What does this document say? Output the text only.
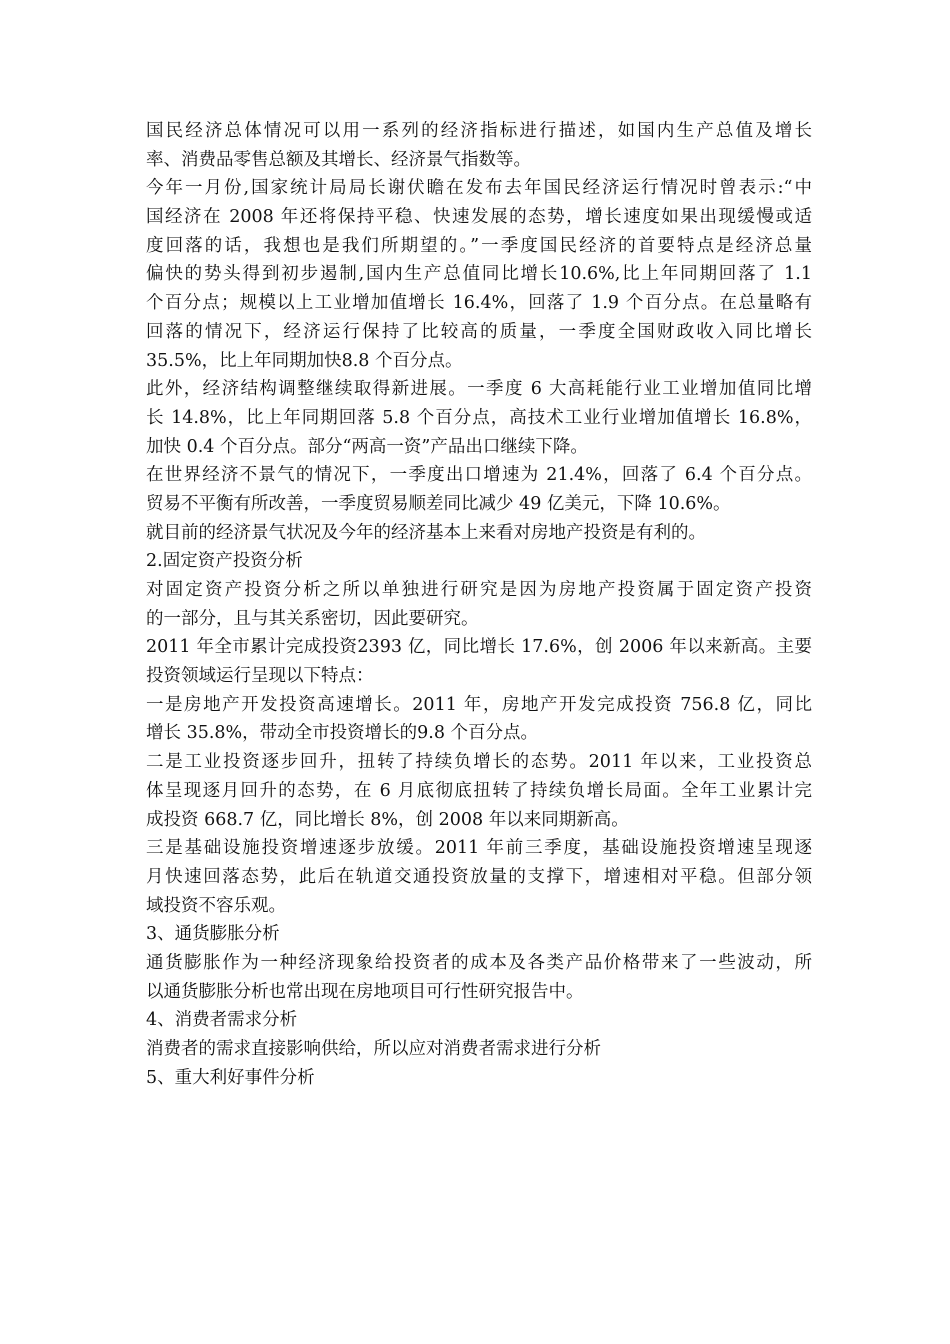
国民经济总体情况可以用一系列的经济指标进行描述，如国内生产总值及增长
率、消费品零售总额及其增长、经济景气指数等。
今年一月份,国家统计局局长谢伏瞻在发布去年国民经济运行情况时曾表示:“中
国经济在 2008 年还将保持平稳、快速发展的态势，增长速度如果出现缓慢或适
度回落的话，我想也是我们所期望的。”一季度国民经济的首要特点是经济总量
偏快的势头得到初步遏制,国内生产总值同比增长10.6%,比上年同期回落了 1.1
个百分点；规模以上工业增加值增长 16.4%，回落了 1.9 个百分点。在总量略有
回落的情况下，经济运行保持了比较高的质量，一季度全国财政收入同比增长
35.5%，比上年同期加快8.8 个百分点。
此外，经济结构调整继续取得新进展。一季度 6 大高耗能行业工业增加值同比增
长 14.8%，比上年同期回落 5.8 个百分点，高技术工业行业增加值增长 16.8%，
加快 0.4 个百分点。部分“两高一资”产品出口继续下降。
在世界经济不景气的情况下，一季度出口增速为 21.4%，回落了 6.4 个百分点。
贸易不平衡有所改善，一季度贸易顺差同比减少 49 亿美元，下降 10.6%。
就目前的经济景气状况及今年的经济基本上来看对房地产投资是有利的。
2.固定资产投资分析
对固定资产投资分析之所以单独进行研究是因为房地产投资属于固定资产投资
的一部分，且与其关系密切，因此要研究。
2011 年全市累计完成投资2393 亿，同比增长 17.6%，创 2006 年以来新高。主要
投资领域运行呈现以下特点：
一是房地产开发投资高速增长。2011 年，房地产开发完成投资 756.8 亿，同比
增长 35.8%，带动全市投资增长的9.8 个百分点。
二是工业投资逐步回升，扭转了持续负增长的态势。2011 年以来，工业投资总
体呈现逐月回升的态势，在 6 月底彻底扭转了持续负增长局面。全年工业累计完
成投资 668.7 亿，同比增长 8%，创 2008 年以来同期新高。
三是基础设施投资增速逐步放缓。2011 年前三季度，基础设施投资增速呈现逐
月快速回落态势，此后在轨道交通投资放量的支撑下，增速相对平稳。但部分领
域投资不容乐观。
3、通货膨胀分析
通货膨胀作为一种经济现象给投资者的成本及各类产品价格带来了一些波动，所
以通货膨胀分析也常出现在房地项目可行性研究报告中。
4、消费者需求分析
消费者的需求直接影响供给，所以应对消费者需求进行分析
5、重大利好事件分析
